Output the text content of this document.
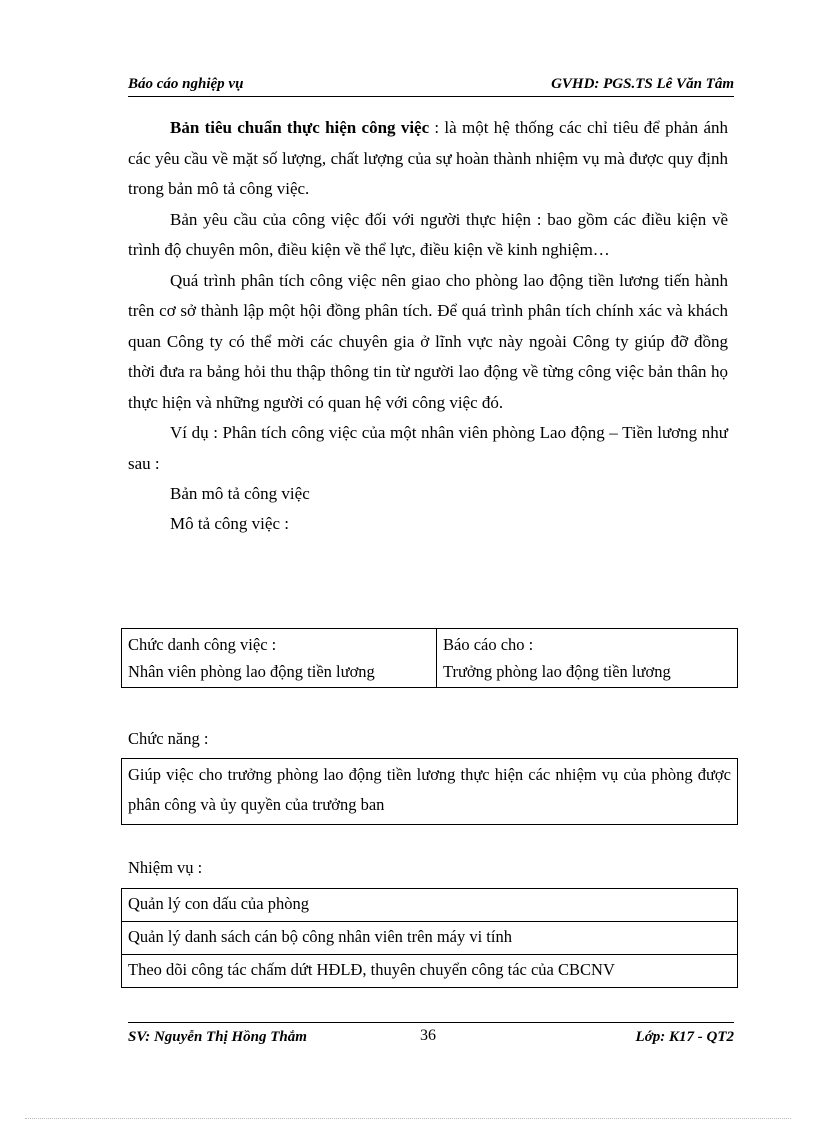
Báo cáo nghiệp vụ	GVHD: PGS.TS Lê Văn Tâm

Bản tiêu chuẩn thực hiện công việc : là một hệ thống các chỉ tiêu để phản ánh các yêu cầu về mặt số lượng, chất lượng của sự hoàn thành nhiệm vụ mà được quy định trong bản mô tả công việc.

Bản yêu cầu của công việc đối với người thực hiện : bao gồm các điều kiện về trình độ chuyên môn, điều kiện về thể lực, điều kiện về kinh nghiệm…

Quá trình phân tích công việc nên giao cho phòng lao động tiền lương tiến hành trên cơ sở thành lập một hội đồng phân tích. Để quá trình phân tích chính xác và khách quan Công ty có thể mời các chuyên gia ở lĩnh vực này ngoài Công ty giúp đỡ đồng thời đưa ra bảng hỏi thu thập thông tin từ người lao động về từng công việc bản thân họ thực hiện và những người có quan hệ với công việc đó.

Ví dụ : Phân tích công việc của một nhân viên phòng Lao động – Tiền lương như sau :

Bản mô tả công việc

Mô tả công việc :

Chức danh công việc :
Nhân viên phòng lao động tiền lương

Báo cáo cho :
Trưởng phòng lao động tiền lương
Chức năng :
Giúp việc cho trưởng phòng lao động tiền lương thực hiện các nhiệm vụ của phòng được phân công và ủy quyền của trưởng ban
Nhiệm vụ :
Quản lý con dấu của phòng
Quản lý danh sách cán bộ công nhân viên trên máy vi tính
Theo dõi công tác chấm dứt HĐLĐ, thuyên chuyển công tác của CBCNV
SV: Nguyễn Thị Hồng Thắm	36	Lớp: K17 - QT2
